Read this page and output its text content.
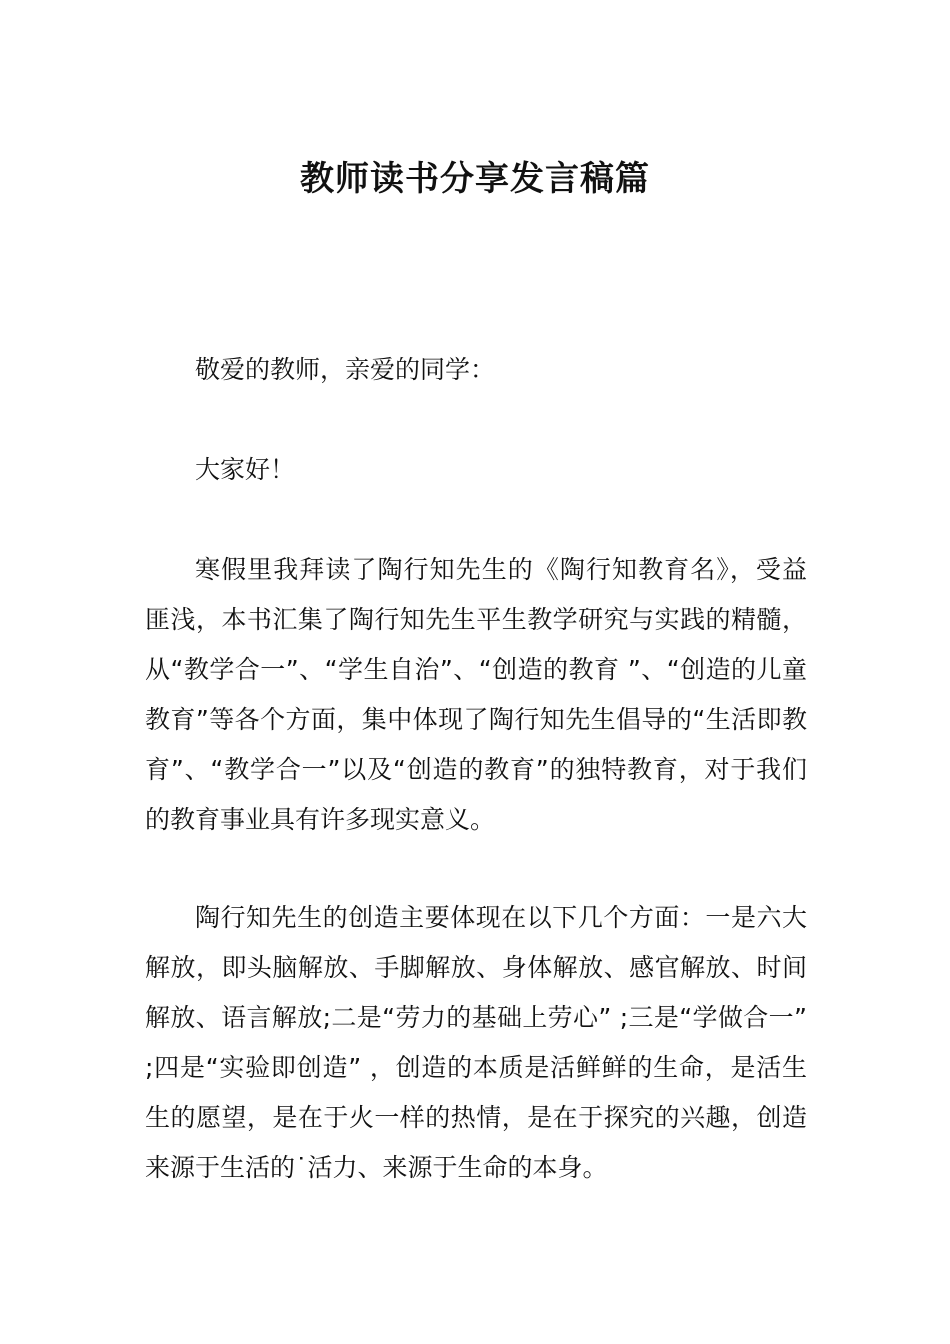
教师读书分享发言稿篇

敬爱的教师，亲爱的同学：

大家好！

寒假里我拜读了陶行知先生的《陶行知教育名》，受益匪浅，本书汇集了陶行知先生平生教学研究与实践的精髓，从“教学合一”、“学生自治”、“创造的教育 ”、“创造的儿童教育”等各个方面，集中体现了陶行知先生倡导的“生活即教育”、“教学合一”以及“创造的教育”的独特教育，对于我们的教育事业具有许多现实意义。

陶行知先生的创造主要体现在以下几个方面：一是六大解放，即头脑解放、手脚解放、身体解放、感官解放、时间解放、语言解放;二是“劳力的基础上劳心” ;三是“学做合一” ;四是“实验即创造” ，创造的本质是活鲜鲜的生命，是活生生的愿望，是在于火一样的热情，是在于探究的兴趣，创造来源于生活的˙活力、来源于生命的本身。
